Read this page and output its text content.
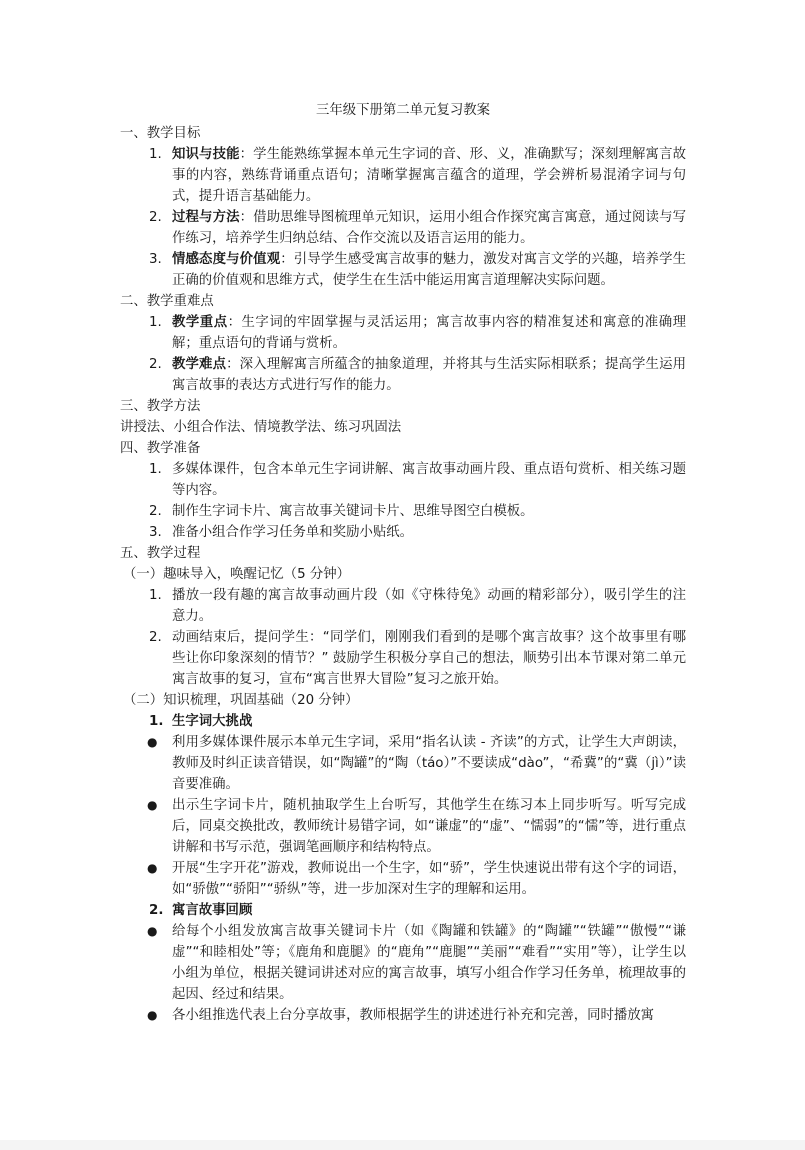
三年级下册第二单元复习教案
一、教学目标
1. 知识与技能：学生能熟练掌握本单元生字词的音、形、义，准确默写；深刻理解寓言故事的内容，熟练背诵重点语句；清晰掌握寓言蕴含的道理，学会辨析易混淆字词与句式，提升语言基础能力。
2. 过程与方法：借助思维导图梳理单元知识，运用小组合作探究寓言寓意，通过阅读与写作练习，培养学生归纳总结、合作交流以及语言运用的能力。
3. 情感态度与价值观：引导学生感受寓言故事的魅力，激发对寓言文学的兴趣，培养学生正确的价值观和思维方式，使学生在生活中能运用寓言道理解决实际问题。
二、教学重难点
1. 教学重点：生字词的牢固掌握与灵活运用；寓言故事内容的精准复述和寓意的准确理解；重点语句的背诵与赏析。
2. 教学难点：深入理解寓言所蕴含的抽象道理，并将其与生活实际相联系；提高学生运用寓言故事的表达方式进行写作的能力。
三、教学方法
讲授法、小组合作法、情境教学法、练习巩固法
四、教学准备
1. 多媒体课件，包含本单元生字词讲解、寓言故事动画片段、重点语句赏析、相关练习题等内容。
2. 制作生字词卡片、寓言故事关键词卡片、思维导图空白模板。
3. 准备小组合作学习任务单和奖励小贴纸。
五、教学过程
（一）趣味导入，唤醒记忆（5 分钟）
1. 播放一段有趣的寓言故事动画片段（如《守株待兔》动画的精彩部分），吸引学生的注意力。
2. 动画结束后，提问学生：“同学们，刚刚我们看到的是哪个寓言故事？这个故事里有哪些让你印象深刻的情节？” 鼓励学生积极分享自己的想法，顺势引出本节课对第二单元寓言故事的复习，宣布“寓言世界大冒险”复习之旅开始。
（二）知识梳理，巩固基础（20 分钟）
1. 生字词大挑战
● 利用多媒体课件展示本单元生字词，采用“指名认读 - 齐读”的方式，让学生大声朗读，教师及时纠正读音错误，如“陶罐”的“陶（táo）”不要读成“dào”，“希冀”的“冀（jì）”读音要准确。
● 出示生字词卡片，随机抽取学生上台听写，其他学生在练习本上同步听写。听写完成后，同桌交换批改，教师统计易错字词，如“谦虚”的“虚”、“懦弱”的“懦”等，进行重点讲解和书写示范，强调笔画顺序和结构特点。
● 开展“生字开花”游戏，教师说出一个生字，如“骄”，学生快速说出带有这个字的词语，如“骄傲”“骄阳”“骄纵”等，进一步加深对生字的理解和运用。
2. 寓言故事回顾
● 给每个小组发放寓言故事关键词卡片（如《陶罐和铁罐》的“陶罐”“铁罐”“傲慢”“谦虚”“和睦相处”等；《鹿角和鹿腿》的“鹿角”“鹿腿”“美丽”“难看”“实用”等），让学生以小组为单位，根据关键词讲述对应的寓言故事，填写小组合作学习任务单，梳理故事的起因、经过和结果。
● 各小组推选代表上台分享故事，教师根据学生的讲述进行补充和完善，同时播放寓
